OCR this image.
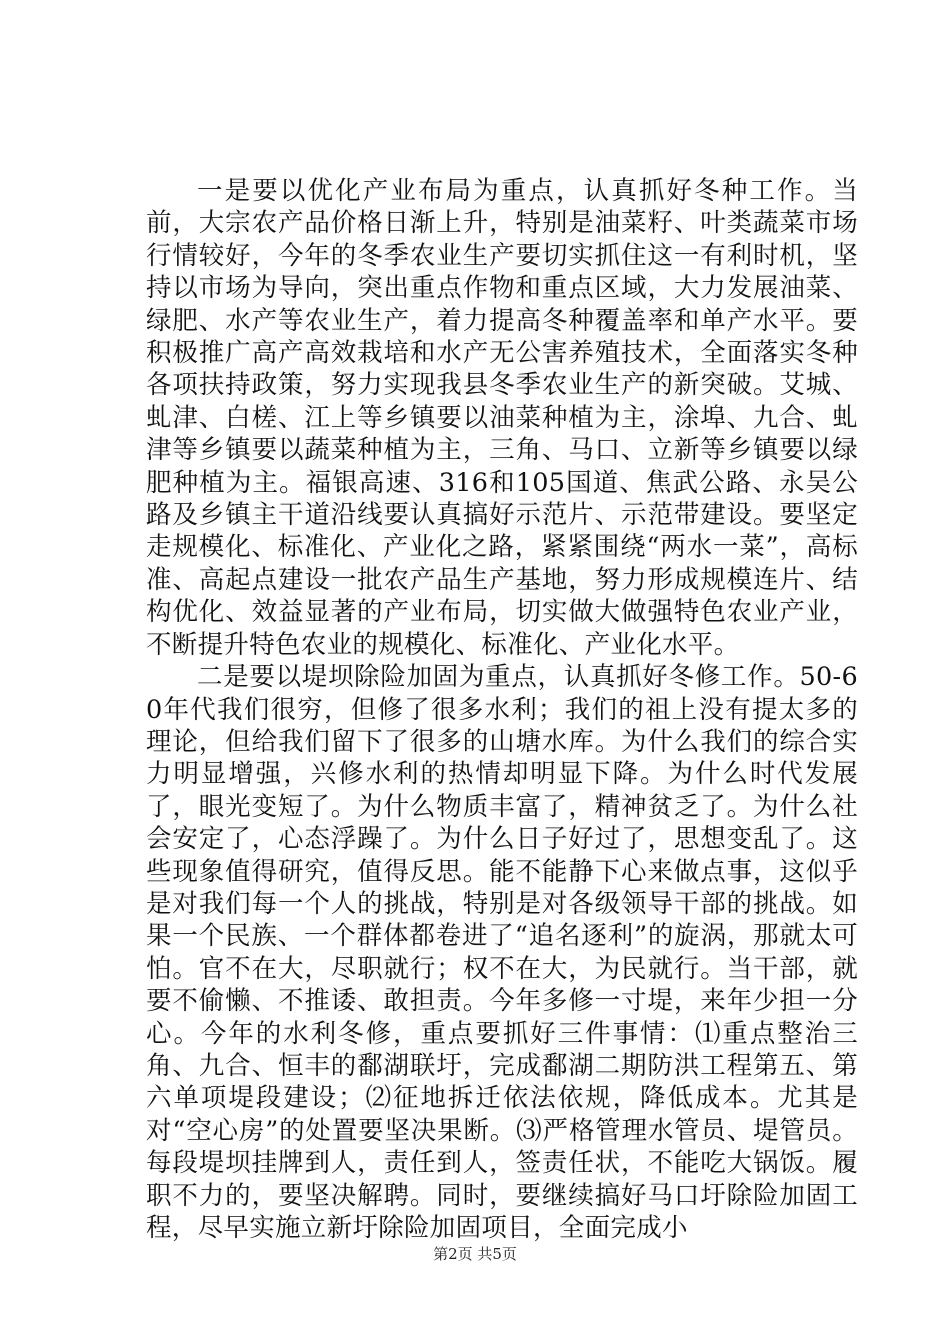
一是要以优化产业布局为重点，认真抓好冬种工作。当前，大宗农产品价格日渐上升，特别是油菜籽、叶类蔬菜市场行情较好，今年的冬季农业生产要切实抓住这一有利时机，坚持以市场为导向，突出重点作物和重点区域，大力发展油菜、绿肥、水产等农业生产，着力提高冬种覆盖率和单产水平。要积极推广高产高效栽培和水产无公害养殖技术，全面落实冬种各项扶持政策，努力实现我县冬季农业生产的新突破。艾城、虬津、白槎、江上等乡镇要以油菜种植为主，涂埠、九合、虬津等乡镇要以蔬菜种植为主，三角、马口、立新等乡镇要以绿肥种植为主。福银高速、316和105国道、焦武公路、永吴公路及乡镇主干道沿线要认真搞好示范片、示范带建设。要坚定走规模化、标准化、产业化之路，紧紧围绕“两水一菜”，高标准、高起点建设一批农产品生产基地，努力形成规模连片、结构优化、效益显著的产业布局，切实做大做强特色农业产业，不断提升特色农业的规模化、标准化、产业化水平。

二是要以堤坝除险加固为重点，认真抓好冬修工作。50-60年代我们很穷，但修了很多水利；我们的祖上没有提太多的理论，但给我们留下了很多的山塘水库。为什么我们的综合实力明显增强，兴修水利的热情却明显下降。为什么时代发展了，眼光变短了。为什么物质丰富了，精神贫乏了。为什么社会安定了，心态浮躁了。为什么日子好过了，思想变乱了。这些现象值得研究，值得反思。能不能静下心来做点事，这似乎是对我们每一个人的挑战，特别是对各级领导干部的挑战。如果一个民族、一个群体都卷进了“追名逐利”的旋涡，那就太可怕。官不在大，尽职就行；权不在大，为民就行。当干部，就要不偷懒、不推诿、敢担责。今年多修一寸堤，来年少担一分心。今年的水利冬修，重点要抓好三件事情：⑴重点整治三角、九合、恒丰的鄱湖联圩，完成鄱湖二期防洪工程第五、第六单项堤段建设；⑵征地拆迁依法依规，降低成本。尤其是对“空心房”的处置要坚决果断。⑶严格管理水管员、堤管员。每段堤坝挂牌到人，责任到人，签责任状，不能吃大锅饭。履职不力的，要坚决解聘。同时，要继续搞好马口圩除险加固工程，尽早实施立新圩除险加固项目，全面完成小

第2页 共5页
